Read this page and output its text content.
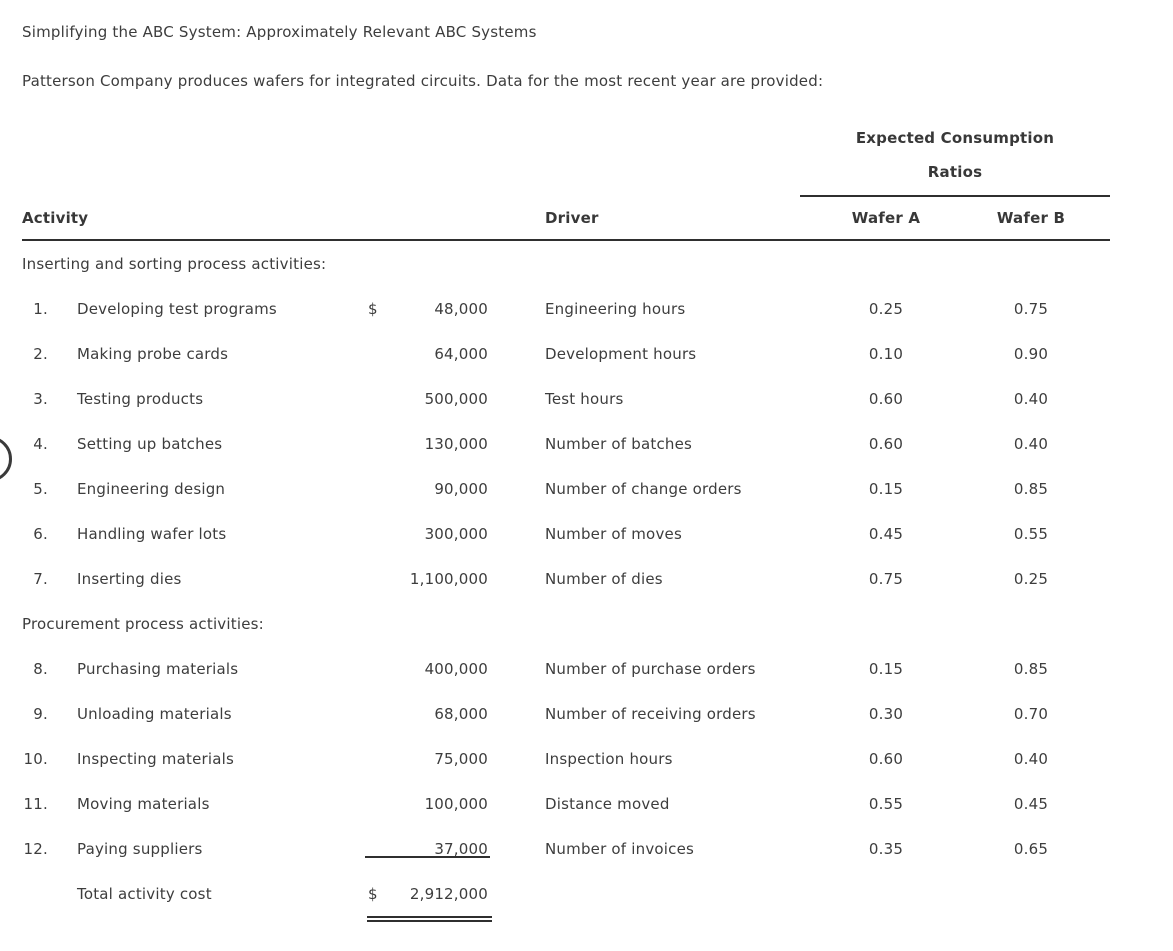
Simplifying the ABC System: Approximately Relevant ABC Systems
Patterson Company produces wafers for integrated circuits. Data for the most recent year are provided:
Expected Consumption
Ratios
Activity	Driver	Wafer A	Wafer B
Inserting and sorting process activities:
1.	Developing test programs	$	48,000	Engineering hours	0.25	0.75
2.	Making probe cards	64,000	Development hours	0.10	0.90
3.	Testing products	500,000	Test hours	0.60	0.40
4.	Setting up batches	130,000	Number of batches	0.60	0.40
5.	Engineering design	90,000	Number of change orders	0.15	0.85
6.	Handling wafer lots	300,000	Number of moves	0.45	0.55
7.	Inserting dies	1,100,000	Number of dies	0.75	0.25
Procurement process activities:
8.	Purchasing materials	400,000	Number of purchase orders	0.15	0.85
9.	Unloading materials	68,000	Number of receiving orders	0.30	0.70
10.	Inspecting materials	75,000	Inspection hours	0.60	0.40
11.	Moving materials	100,000	Distance moved	0.55	0.45
12.	Paying suppliers	37,000	Number of invoices	0.35	0.65
Total activity cost	$ 2,912,000
